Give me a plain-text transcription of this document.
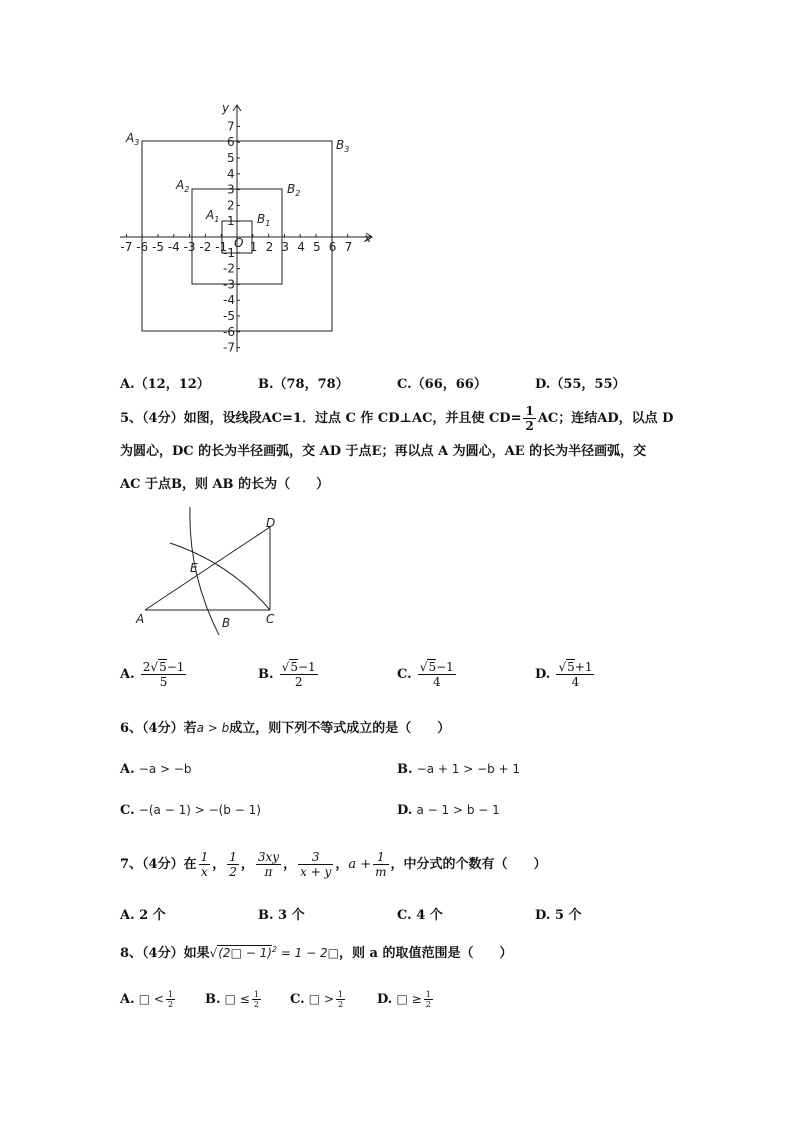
-7 -6 -5 -4 -3 -2 -1 1 2 3 4 5 6 7
7
6
5
4
3
2
1
-1
-2
-3
-4
-5
-6
-7
x
y
O
$A_3$	$B_3$
$A_2$	$B_2$
$A_1$	$B_1$
A.（12，12）	B.（78，78）	C.（66，66）	D.（55，55）
5、（4分）如图，设线段AC=1．过点 C 作 CD⊥AC，并且使 $CD= \frac{1}{2}$ AC；连结AD，以点 D
为圆心，DC 的长为半径画弧，交 AD 于点E；再以点 A 为圆心，AE 的长为半径画弧，交
AC 于点B，则 AB 的长为（　　）
A	B	C
D
E
A. $\frac{2√5-1}{5}$	B. $\frac{√5-1}{2}$	C. $\frac{√5-1}{4}$	D. $\frac{√5+1}{4}$
6、（4分）若a > b成立，则下列不等式成立的是（　　）
A. −a > −b	B. −a + 1 > −b + 1
C. −(a − 1) > −(b − 1)	D. a − 1 > b − 1
7、（4分）在 $\frac{1}{x}$ ， $\frac{1}{2}$ ， $\frac{3xy}{\pi}$ ， $\frac{3}{x + y}$ ，$a + \frac{1}{m}$ ，中分式的个数有（　　）
A. 2 个	B. 3 个	C. 4 个	D. 5 个
8、（4分）如果√(2□ − 1)$^2$ = 1 − 2□，则 a 的取值范围是（　　）
A. □ < $\frac{1}{2} B$. □ ≤ $\frac{1}{2} C$. □ > $\frac{1}{2} D$. □ ≥ $\frac{1}{2}$
